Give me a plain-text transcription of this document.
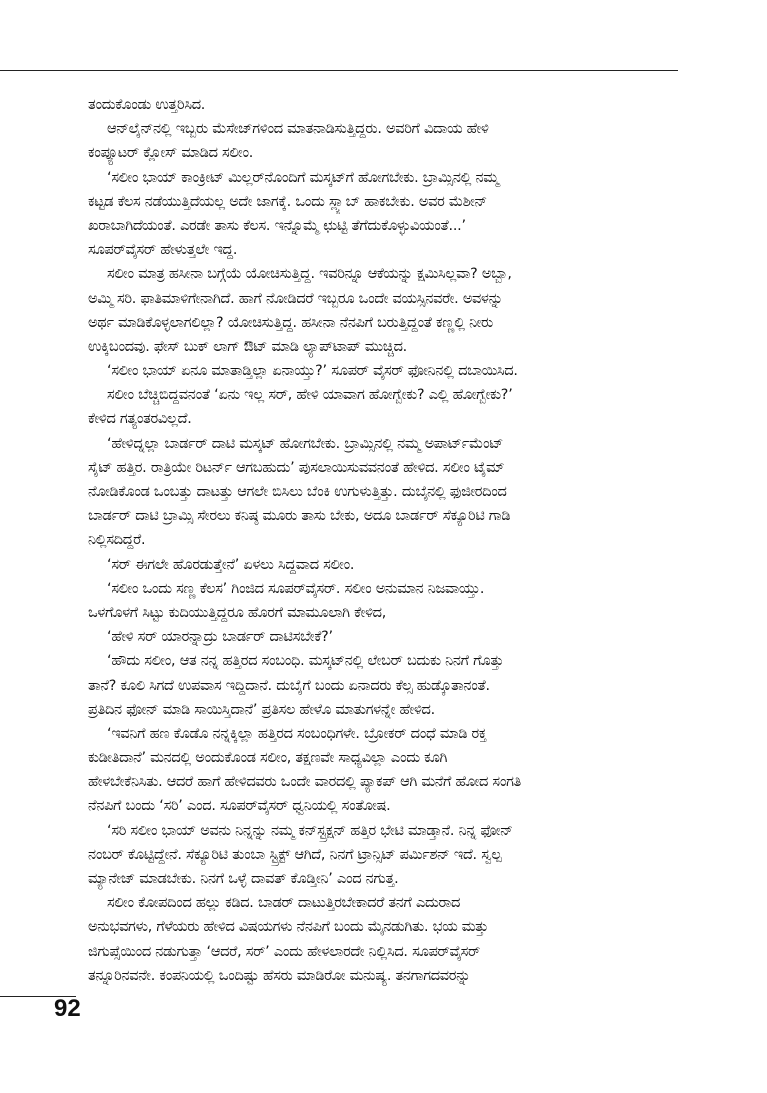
ತಂದುಕೊಂಡು ಉತ್ತರಿಸಿದ.
ಆನ್‌ಲೈನ್‌ನಲ್ಲಿ ಇಬ್ಬರು ಮೆಸೇಜ್‌ಗಳಿಂದ ಮಾತನಾಡಿಸುತ್ತಿದ್ದರು. ಅವರಿಗೆ ವಿದಾಯ ಹೇಳಿ
ಕಂಪ್ಯೂಟರ್ ಕ್ಲೋಸ್ ಮಾಡಿದ ಸಲೀಂ.
‘ಸಲೀಂ ಭಾಯ್ ಕಾಂಕ್ರೀಟ್ ಮಿಲ್ಲರ್‌ನೊಂದಿಗೆ ಮಸ್ಕಟ್‌ಗೆ ಹೋಗಬೇಕು. ಬ್ರಾಮ್ಸಿನಲ್ಲಿ ನಮ್ಮ
ಕಟ್ಟಡ ಕೆಲಸ ನಡೆಯುತ್ತಿದೆಯಲ್ಲ ಅದೇ ಜಾಗಕ್ಕೆ. ಒಂದು ಸ್ಲ್ಯಾಬ್ ಹಾಕಬೇಕು. ಅವರ ಮೆಶೀನ್
ಖರಾಬಾಗಿದೆಯಂತೆ. ಎರಡೇ ತಾಸು ಕೆಲಸ. ಇನ್ನೊಮ್ಮೆ ಛುಟ್ಟಿ ತೆಗೆದುಕೊಳ್ಳುವಿಯಂತೆ...’
ಸೂಪರ್‌ವೈಸರ್ ಹೇಳುತ್ತಲೇ ಇದ್ದ.
ಸಲೀಂ ಮಾತ್ರ ಹಸೀನಾ ಬಗ್ಗೆಯೆ ಯೋಚಿಸುತ್ತಿದ್ದ. ಇವರಿನ್ನೂ ಆಕೆಯನ್ನು ಕ್ಷಮಿಸಿಲ್ಲವಾ? ಅಬ್ಬಾ,
ಅಮ್ಮಿ ಸರಿ. ಫಾತಿಮಾಳಿಗೇನಾಗಿದೆ. ಹಾಗೆ ನೋಡಿದರೆ ಇಬ್ಬರೂ ಒಂದೇ ವಯಸ್ಸಿನವರೇ. ಅವಳನ್ನು
ಅರ್ಥ ಮಾಡಿಕೊಳ್ಳಲಾಗಲಿಲ್ಲಾ? ಯೋಚಿಸುತ್ತಿದ್ದ. ಹಸೀನಾ ನೆನಪಿಗೆ ಬರುತ್ತಿದ್ದಂತೆ ಕಣ್ಣಲ್ಲಿ ನೀರು
ಉಕ್ಕಿಬಂದವು. ಫೇಸ್ ಬುಕ್ ಲಾಗ್ ಔಟ್ ಮಾಡಿ ಲ್ಯಾಪ್‌ಟಾಪ್ ಮುಚ್ಚಿದ.
‘ಸಲೀಂ ಭಾಯ್ ಏನೂ ಮಾತಾಡ್ತಿಲ್ಲಾ ಏನಾಯ್ತು?’ ಸೂಪರ್ ವೈಸರ್ ಫೋನಿನಲ್ಲಿ ದಬಾಯಿಸಿದ.
ಸಲೀಂ ಬೆಚ್ಚಿಬಿದ್ದವನಂತೆ ‘ಏನು ಇಲ್ಲ ಸರ್, ಹೇಳಿ ಯಾವಾಗ ಹೋಗ್ಬೇಕು? ಎಲ್ಲಿ ಹೋಗ್ಬೇಕು?’
ಕೇಳಿದ ಗತ್ಯಂತರವಿಲ್ಲದೆ.
‘ಹೇಳಿದ್ನಲ್ಲಾ ಬಾರ್ಡರ್ ದಾಟಿ ಮಸ್ಕಟ್ ಹೋಗಬೇಕು. ಬ್ರಾಮ್ಸಿನಲ್ಲಿ ನಮ್ಮ ಅಪಾರ್ಟ್‌ಮೆಂಟ್
ಸೈಟ್ ಹತ್ತಿರ. ರಾತ್ರಿಯೇ ರಿಟರ್ನ್ ಆಗಬಹುದು’ ಪುಸಲಾಯಿಸುವವನಂತೆ ಹೇಳಿದ. ಸಲೀಂ ಟೈಮ್
ನೋಡಿಕೊಂಡ ಒಂಬತ್ತು ದಾಟತ್ತು ಆಗಲೇ ಬಿಸಿಲು ಬೆಂಕಿ ಉಗುಳುತ್ತಿತ್ತು. ದುಬೈನಲ್ಲಿ ಫುಜೀರದಿಂದ
ಬಾರ್ಡರ್ ದಾಟಿ ಬ್ರಾಮ್ಸಿ ಸೇರಲು ಕನಿಷ್ಠ ಮೂರು ತಾಸು ಬೇಕು, ಅದೂ ಬಾರ್ಡರ್ ಸೆಕ್ಯೂರಿಟಿ ಗಾಡಿ
ನಿಲ್ಲಿಸದಿದ್ದರೆ.
‘ಸರ್ ಈಗಲೇ ಹೊರಡುತ್ತೇನೆ’ ಏಳಲು ಸಿದ್ದವಾದ ಸಲೀಂ.
‘ಸಲೀಂ ಒಂದು ಸಣ್ಣ ಕೆಲಸ’ ಗಿಂಜಿದ ಸೂಪರ್‌ವೈಸರ್. ಸಲೀಂ ಅನುಮಾನ ನಿಜವಾಯ್ತು.
ಒಳಗೊಳಗೆ ಸಿಟ್ಟು ಕುದಿಯುತ್ತಿದ್ದರೂ ಹೊರಗೆ ಮಾಮೂಲಾಗಿ ಕೇಳಿದ,
‘ಹೇಳಿ ಸರ್ ಯಾರನ್ನಾದ್ರು ಬಾರ್ಡರ್ ದಾಟಿಸಬೇಕೆ?’
‘ಹೌದು ಸಲೀಂ, ಆತ ನನ್ನ ಹತ್ತಿರದ ಸಂಬಂಧಿ. ಮಸ್ಕಟ್‌ನಲ್ಲಿ ಲೇಬರ್ ಬದುಕು ನಿನಗೆ ಗೊತ್ತು
ತಾನೆ? ಕೂಲಿ ಸಿಗದೆ ಉಪವಾಸ ಇದ್ದಿದಾನೆ. ದುಬೈಗೆ ಬಂದು ಏನಾದರು ಕೆಲ್ಸ ಹುಡ್ಕೊತಾನಂತೆ.
ಪ್ರತಿದಿನ ಫೋನ್ ಮಾಡಿ ಸಾಯಿಸ್ತಿದಾನೆ’ ಪ್ರತಿಸಲ ಹೇಳೊ ಮಾತುಗಳನ್ನೇ ಹೇಳಿದ.
‘ಇವನಿಗೆ ಹಣ ಕೊಡೊ ನನ್ನಕ್ಕಿಲ್ಲಾ ಹತ್ತಿರದ ಸಂಬಂಧಿಗಳೇ. ಬ್ರೋಕರ್ ದಂಧೆ ಮಾಡಿ ರಕ್ತ
ಕುಡೀತಿದಾನೆ’ ಮನದಲ್ಲಿ ಅಂದುಕೊಂಡ ಸಲೀಂ, ತಕ್ಷಣವೇ ಸಾಧ್ಯವಿಲ್ಲಾ ಎಂದು ಕೂಗಿ
ಹೇಳಬೇಕೆನಿಸಿತು. ಆದರೆ ಹಾಗೆ ಹೇಳಿದವರು ಒಂದೇ ವಾರದಲ್ಲಿ ಪ್ಯಾಕಪ್ ಆಗಿ ಮನೆಗೆ ಹೋದ ಸಂಗತಿ
ನೆನಪಿಗೆ ಬಂದು ‘ಸರಿ’ ಎಂದ. ಸೂಪರ್‌ವೈಸರ್ ಧ್ವನಿಯಲ್ಲಿ ಸಂತೋಷ.
‘ಸರಿ ಸಲೀಂ ಭಾಯ್ ಅವನು ನಿನ್ನನ್ನು ನಮ್ಮ ಕನ್‌ಸ್ಟ್ರಕ್ಷನ್ ಹತ್ತಿರ ಭೇಟಿ ಮಾಡ್ತಾನೆ. ನಿನ್ನ ಫೋನ್
ನಂಬರ್ ಕೊಟ್ಟಿದ್ದೇನೆ. ಸೆಕ್ಯೂರಿಟಿ ತುಂಬಾ ಸ್ಟ್ರಿಕ್ಟ್ ಆಗಿದೆ, ನಿನಗೆ ಟ್ರಾನ್ಸಿಟ್ ಪರ್ಮಿಶನ್ ಇದೆ. ಸ್ವಲ್ಪ
ಮ್ಯಾನೇಜ್ ಮಾಡಬೇಕು. ನಿನಗೆ ಒಳ್ಳೆ ದಾವತ್ ಕೊಡ್ತೀನಿ’ ಎಂದ ನಗುತ್ತ.
ಸಲೀಂ ಕೋಪದಿಂದ ಹಲ್ಲು ಕಡಿದ. ಬಾಡರ್ ದಾಟುತ್ತಿರಬೇಕಾದರೆ ತನಗೆ ಎದುರಾದ
ಅನುಭವಗಳು, ಗೆಳೆಯರು ಹೇಳಿದ ವಿಷಯಗಳು ನೆನಪಿಗೆ ಬಂದು ಮೈನಡುಗಿತು. ಭಯ ಮತ್ತು
ಜಿಗುಪ್ಸೆಯಿಂದ ನಡುಗುತ್ತಾ ‘ಆದರೆ, ಸರ್’ ಎಂದು ಹೇಳಲಾರದೇ ನಿಲ್ಲಿಸಿದ. ಸೂಪರ್‌ವೈಸರ್
ತನ್ನೂರಿನವನೇ. ಕಂಪನಿಯಲ್ಲಿ ಒಂದಿಷ್ಟು ಹೆಸರು ಮಾಡಿರೋ ಮನುಷ್ಯ. ತನಗಾಗದವರನ್ನು
92
